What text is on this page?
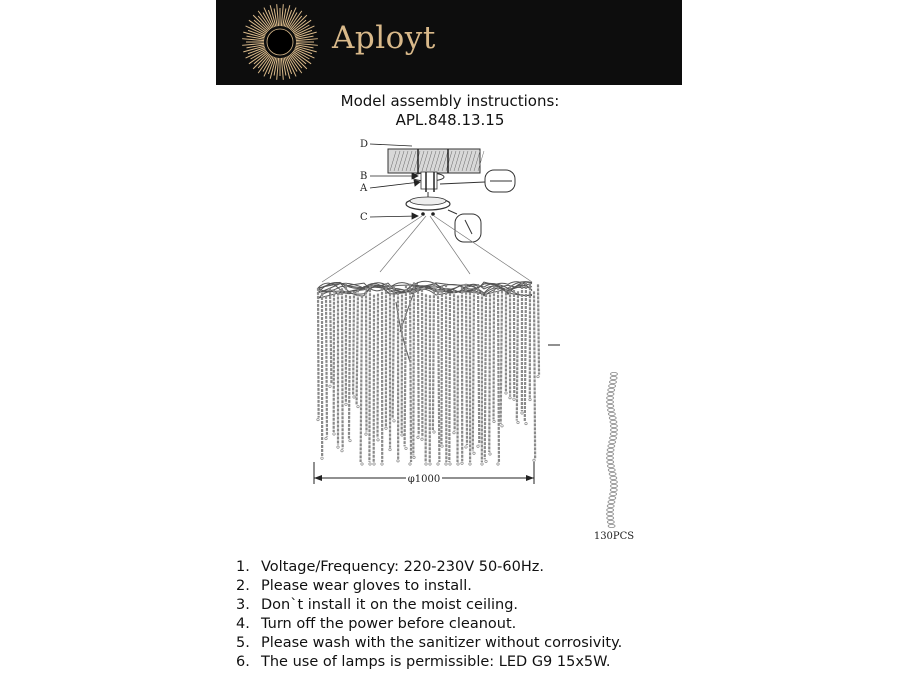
Aployt
Model assembly instructions:
APL.848.13.15
D
B
A
C
φ1000
130PCS
1. Voltage/Frequency: 220-230V 50-60Hz.
2. Please wear gloves to install.
3. Don`t install it on the moist ceiling.
4. Turn off the power before cleanout.
5. Please wash with the sanitizer without corrosivity.
6. The use of lamps is permissible: LED G9 15x5W.
